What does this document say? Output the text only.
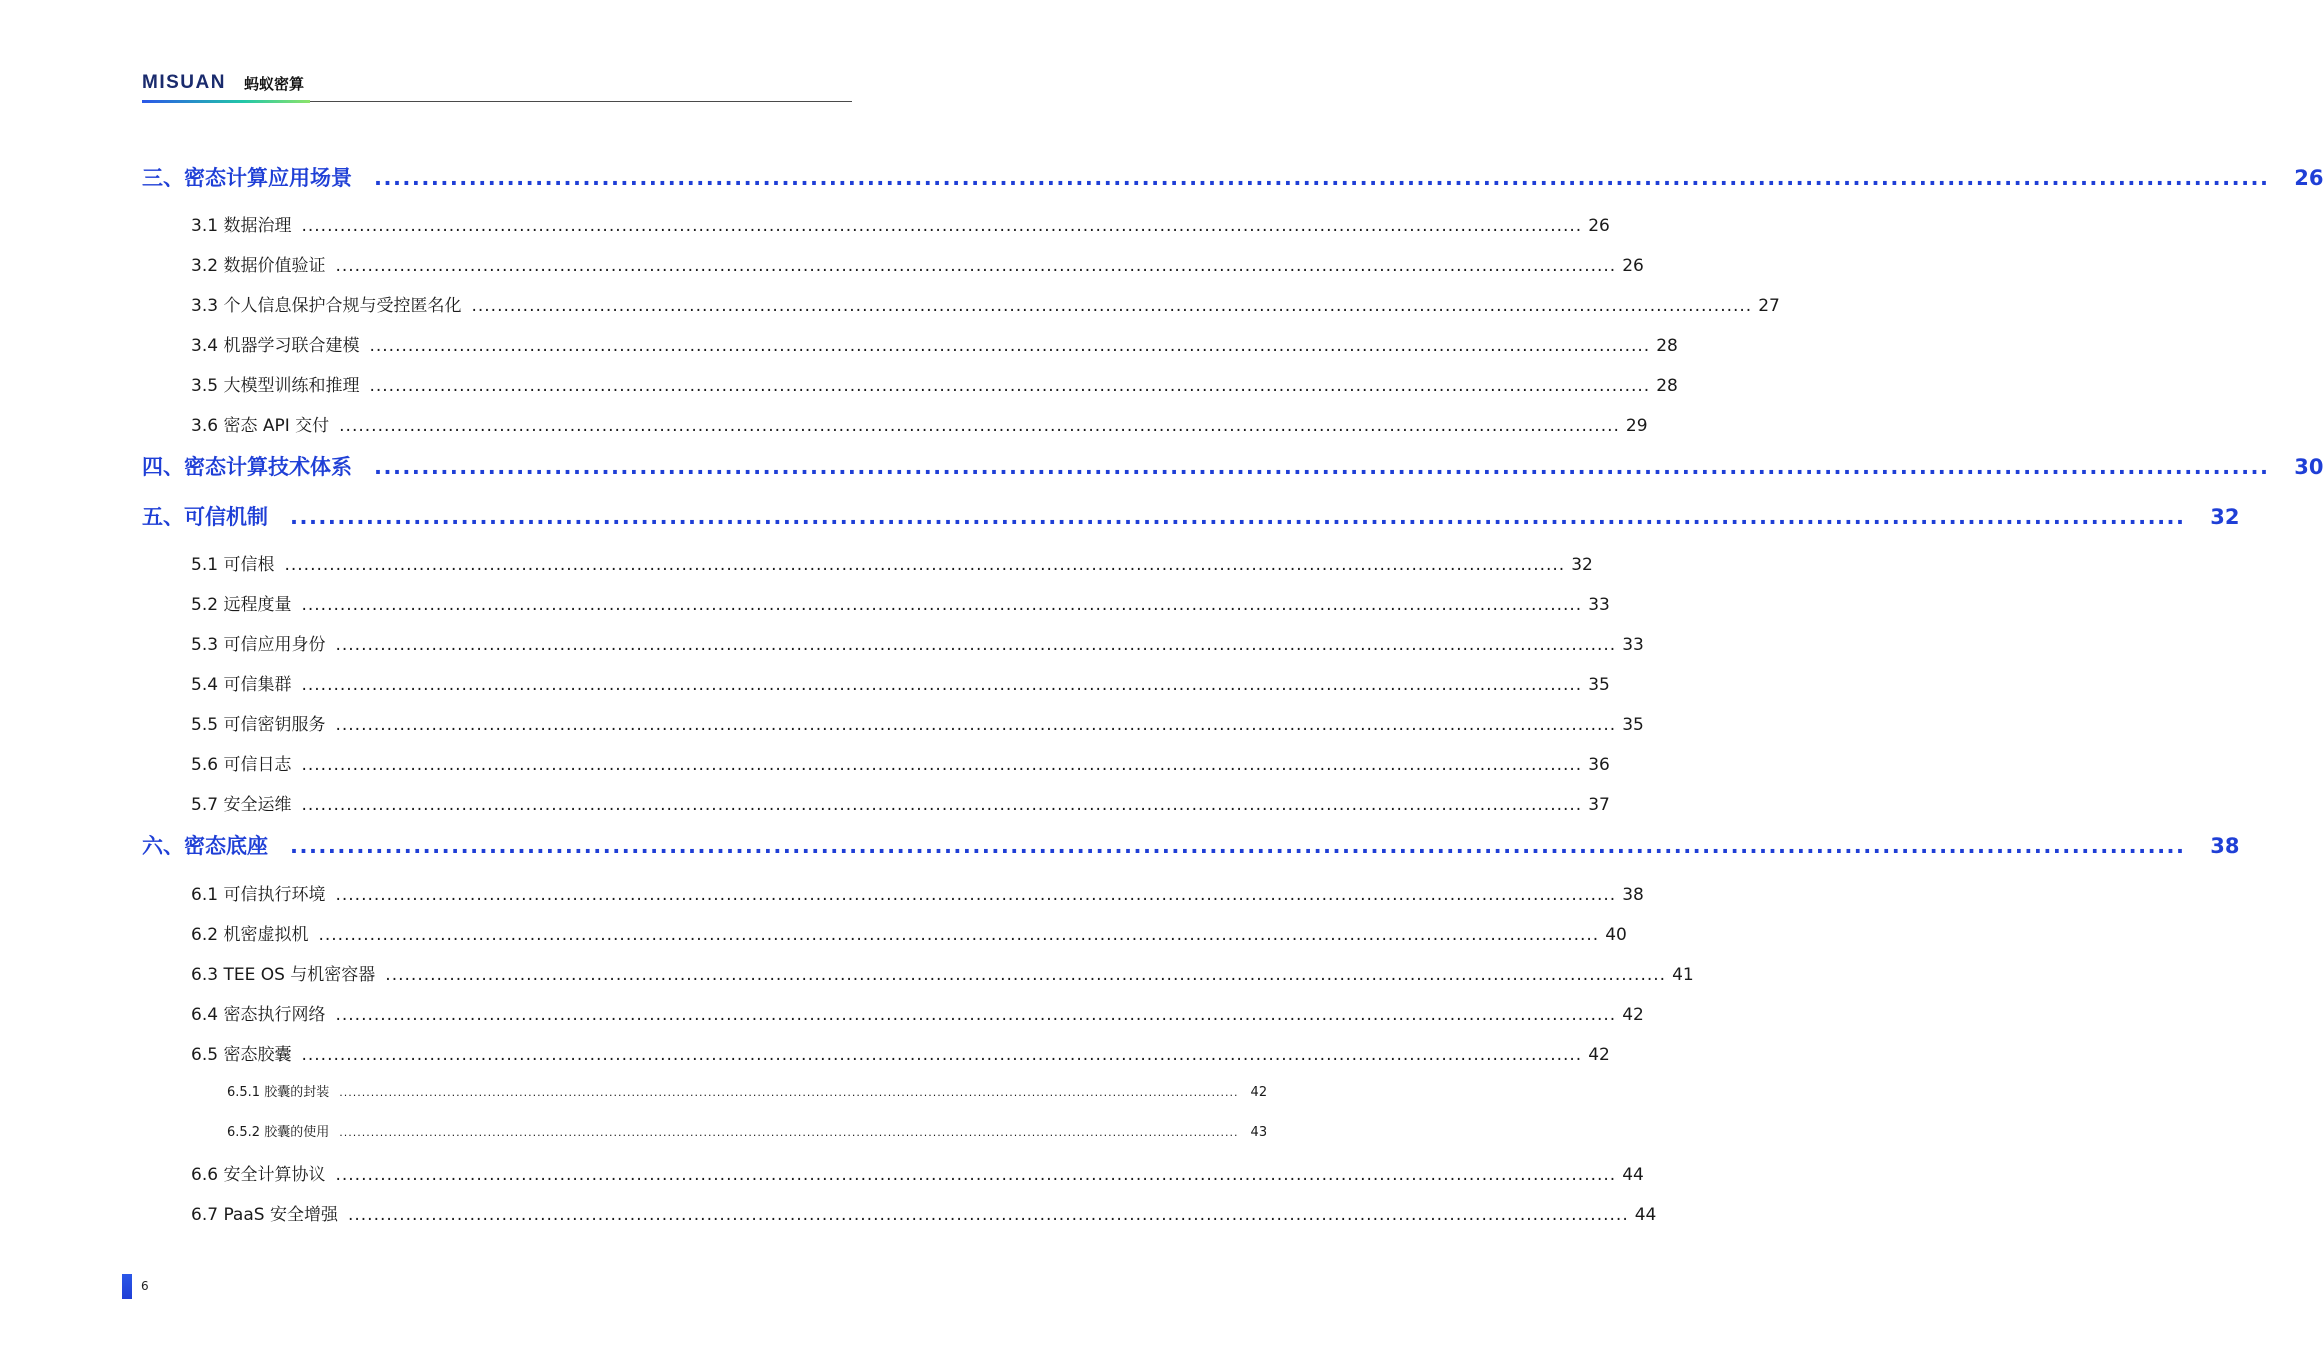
MISUAN 蚂蚁密算
三、密态计算应用场景 ........................................................................................................................................................................................................ 26
3.1 数据治理 ........................................................................................................................................................................................................ 26
3.2 数据价值验证 ........................................................................................................................................................................................................ 26
3.3 个人信息保护合规与受控匿名化 ........................................................................................................................................................................................................ 27
3.4 机器学习联合建模 ........................................................................................................................................................................................................ 28
3.5 大模型训练和推理 ........................................................................................................................................................................................................ 28
3.6 密态 API 交付 ........................................................................................................................................................................................................ 29
四、密态计算技术体系 ........................................................................................................................................................................................................ 30
五、可信机制 ........................................................................................................................................................................................................ 32
5.1 可信根 ........................................................................................................................................................................................................ 32
5.2 远程度量 ........................................................................................................................................................................................................ 33
5.3 可信应用身份 ........................................................................................................................................................................................................ 33
5.4 可信集群 ........................................................................................................................................................................................................ 35
5.5 可信密钥服务 ........................................................................................................................................................................................................ 35
5.6 可信日志 ........................................................................................................................................................................................................ 36
5.7 安全运维 ........................................................................................................................................................................................................ 37
六、密态底座 ........................................................................................................................................................................................................ 38
6.1 可信执行环境 ........................................................................................................................................................................................................ 38
6.2 机密虚拟机 ........................................................................................................................................................................................................ 40
6.3 TEE OS 与机密容器 ........................................................................................................................................................................................................ 41
6.4 密态执行网络 ........................................................................................................................................................................................................ 42
6.5 密态胶囊 ........................................................................................................................................................................................................ 42
6.5.1 胶囊的封装 ........................................................................................................................................................................................................ 42
6.5.2 胶囊的使用 ........................................................................................................................................................................................................ 43
6.6 安全计算协议 ........................................................................................................................................................................................................ 44
6.7 PaaS 安全增强 ........................................................................................................................................................................................................ 44
6
